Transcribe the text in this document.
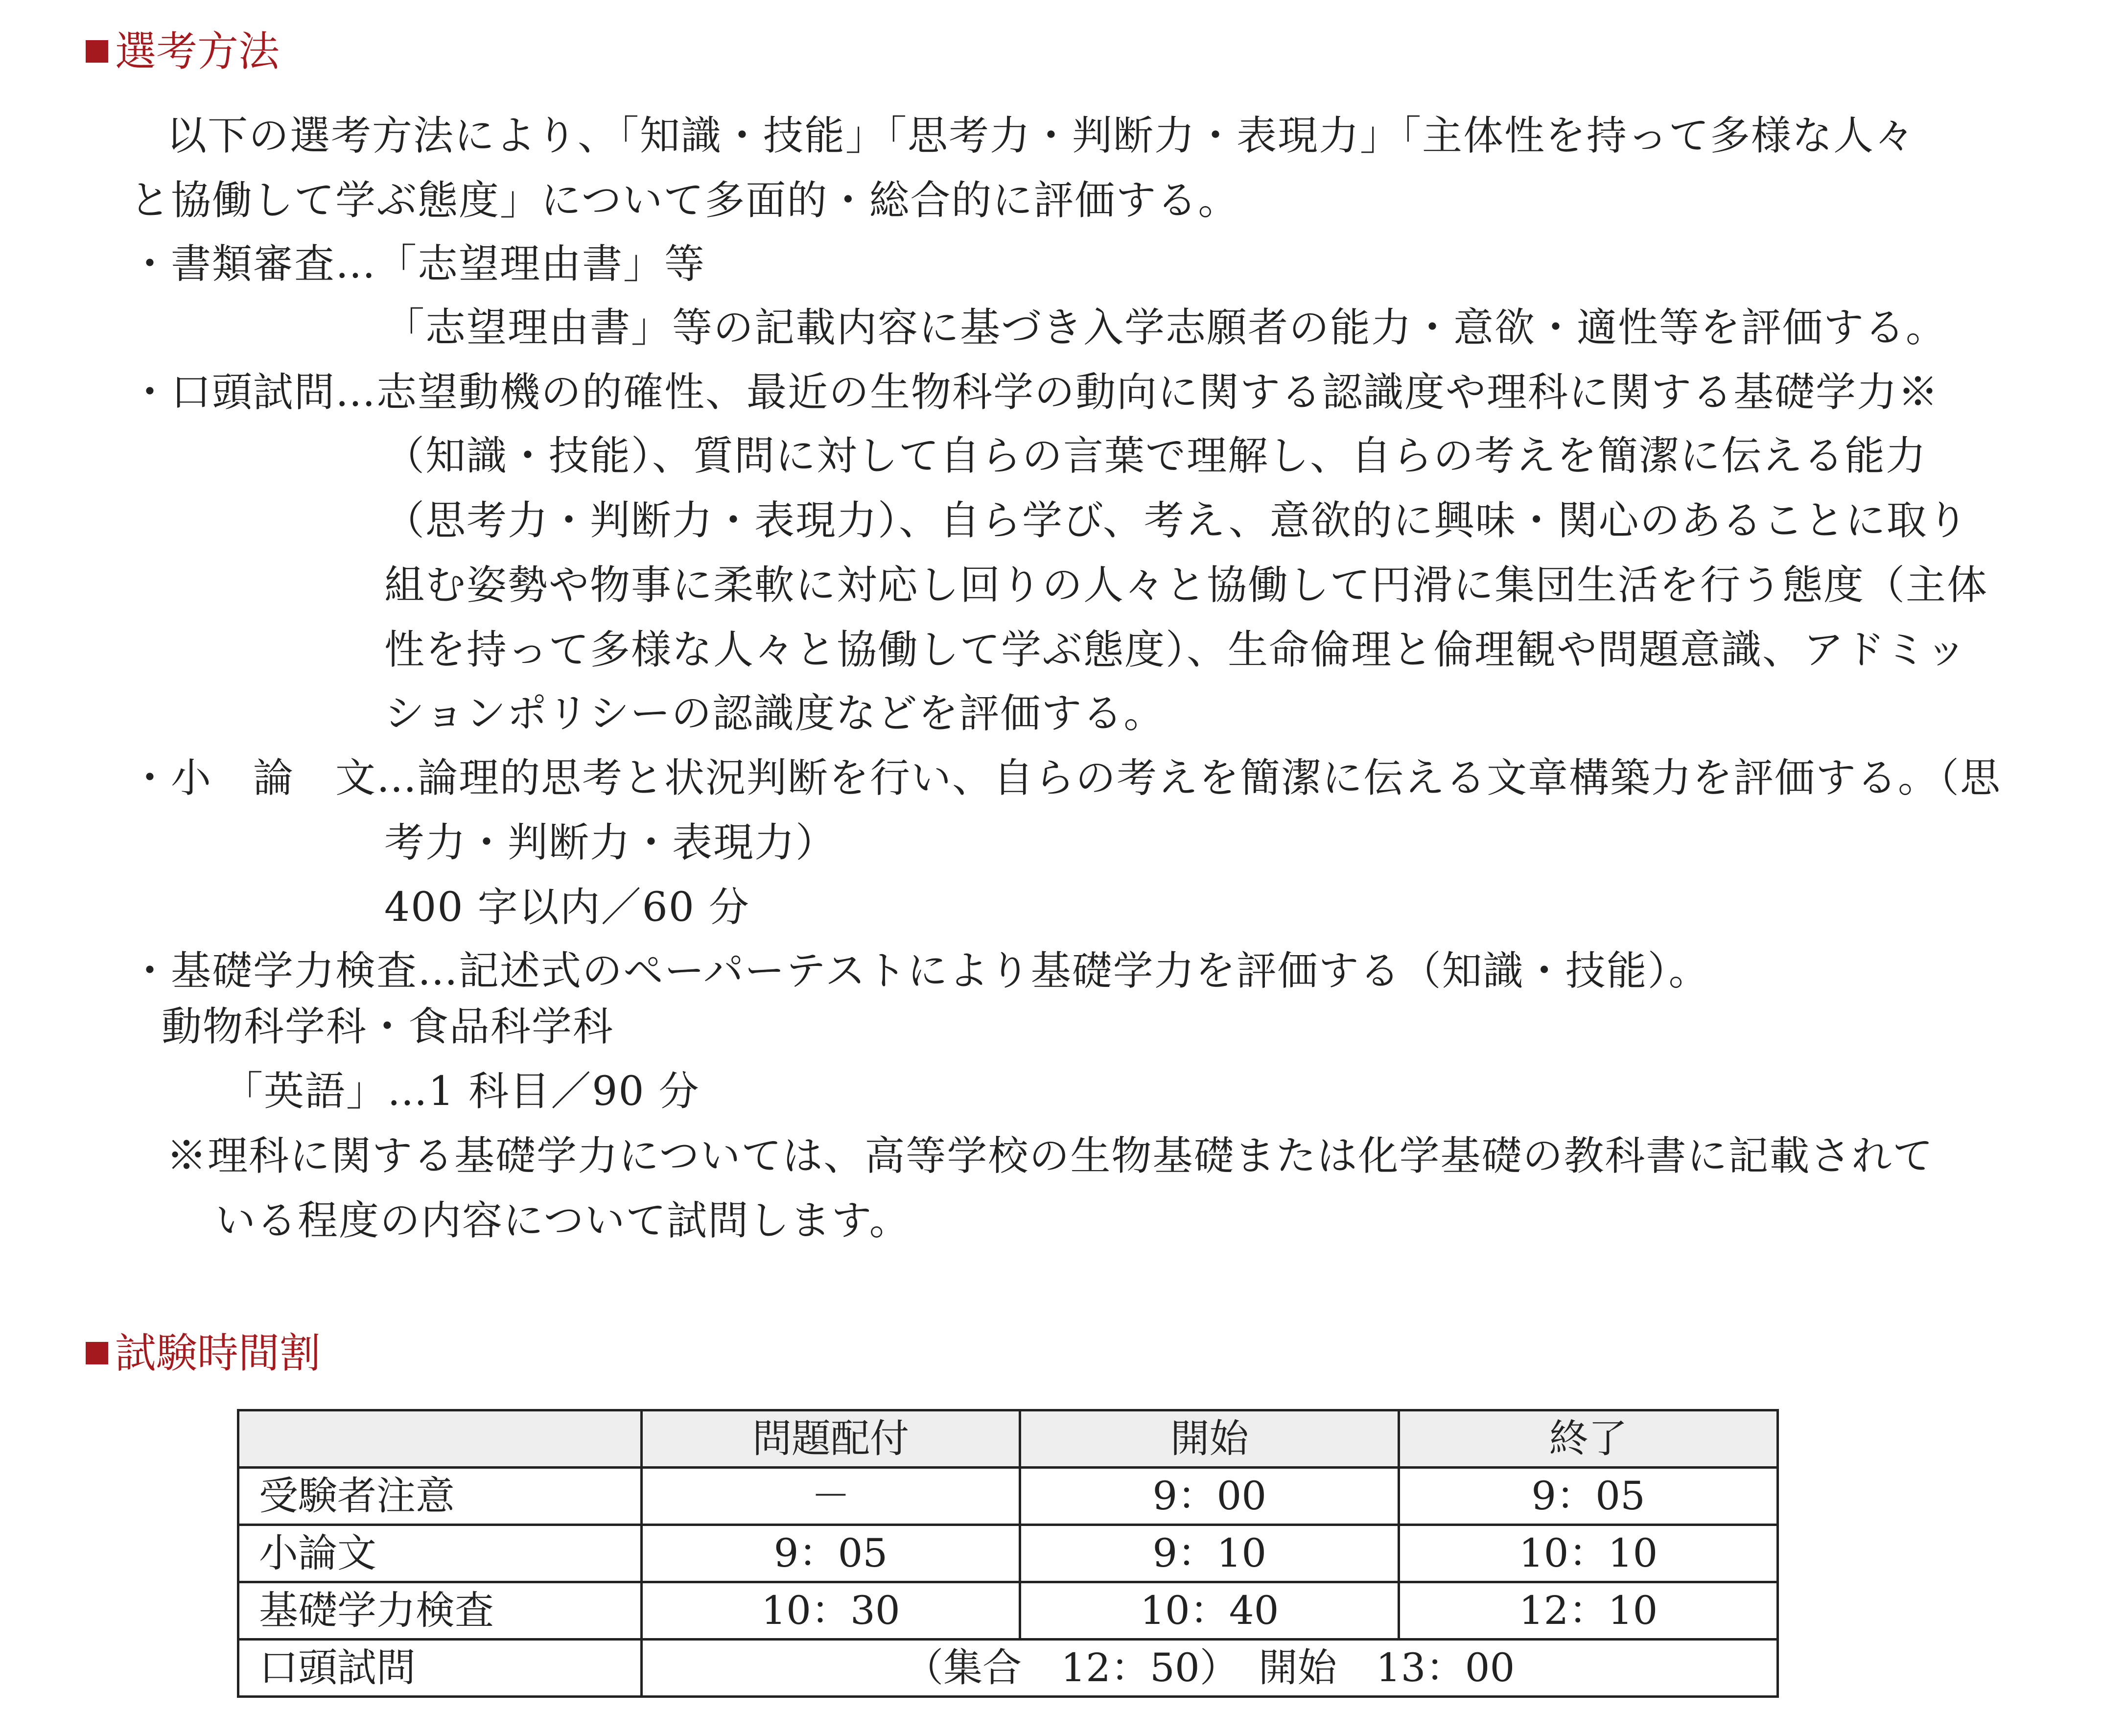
選考方法
以下の選考方法により、「知識・技能」「思考力・判断力・表現力」「主体性を持って多様な人々
と協働して学ぶ態度」について多面的・総合的に評価する。
・書類審査…「志望理由書」等
「志望理由書」等の記載内容に基づき入学志願者の能力・意欲・適性等を評価する。
・口頭試問…志望動機の的確性、最近の生物科学の動向に関する認識度や理科に関する基礎学力※
（知識・技能）、質問に対して自らの言葉で理解し、自らの考えを簡潔に伝える能力
（思考力・判断力・表現力）、自ら学び、考え、意欲的に興味・関心のあることに取り
組む姿勢や物事に柔軟に対応し回りの人々と協働して円滑に集団生活を行う態度（主体
性を持って多様な人々と協働して学ぶ態度）、生命倫理と倫理観や問題意識、アドミッ
ションポリシーの認識度などを評価する。
・小　論　文…論理的思考と状況判断を行い、自らの考えを簡潔に伝える文章構築力を評価する。（思
考力・判断力・表現力）
400 字以内／60 分
・基礎学力検査…記述式のペーパーテストにより基礎学力を評価する（知識・技能）。
動物科学科・食品科学科
「英語」…1 科目／90 分
※理科に関する基礎学力については、高等学校の生物基礎または化学基礎の教科書に記載されて
いる程度の内容について試問します。
試験時間割
	問題配付	開始	終了
受験者注意	－	9：00	9：05
小論文	9：05	9：10	10：10
基礎学力検査	10：30	10：40	12：10
口頭試問	（集合　12：50）　開始　13：00		
